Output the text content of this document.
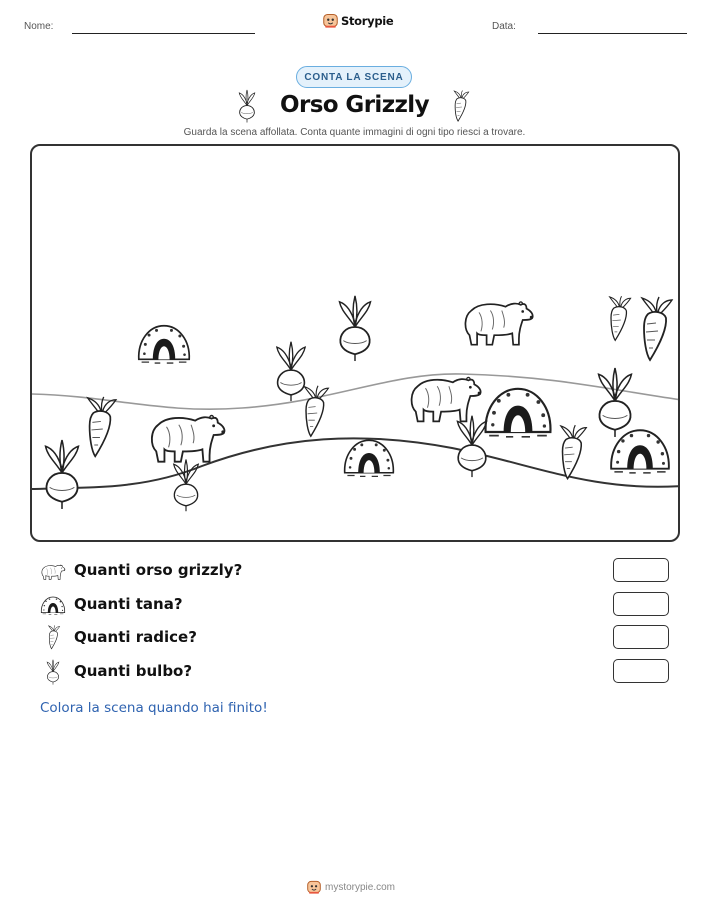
Nome:	Storypie	Data:
CONTA LA SCENA
Orso Grizzly
Guarda la scena affollata. Conta quante immagini di ogni tipo riesci a trovare.
Quanti orso grizzly?
Quanti tana?
Quanti radice?
Quanti bulbo?
Colora la scena quando hai finito!
mystorypie.com
